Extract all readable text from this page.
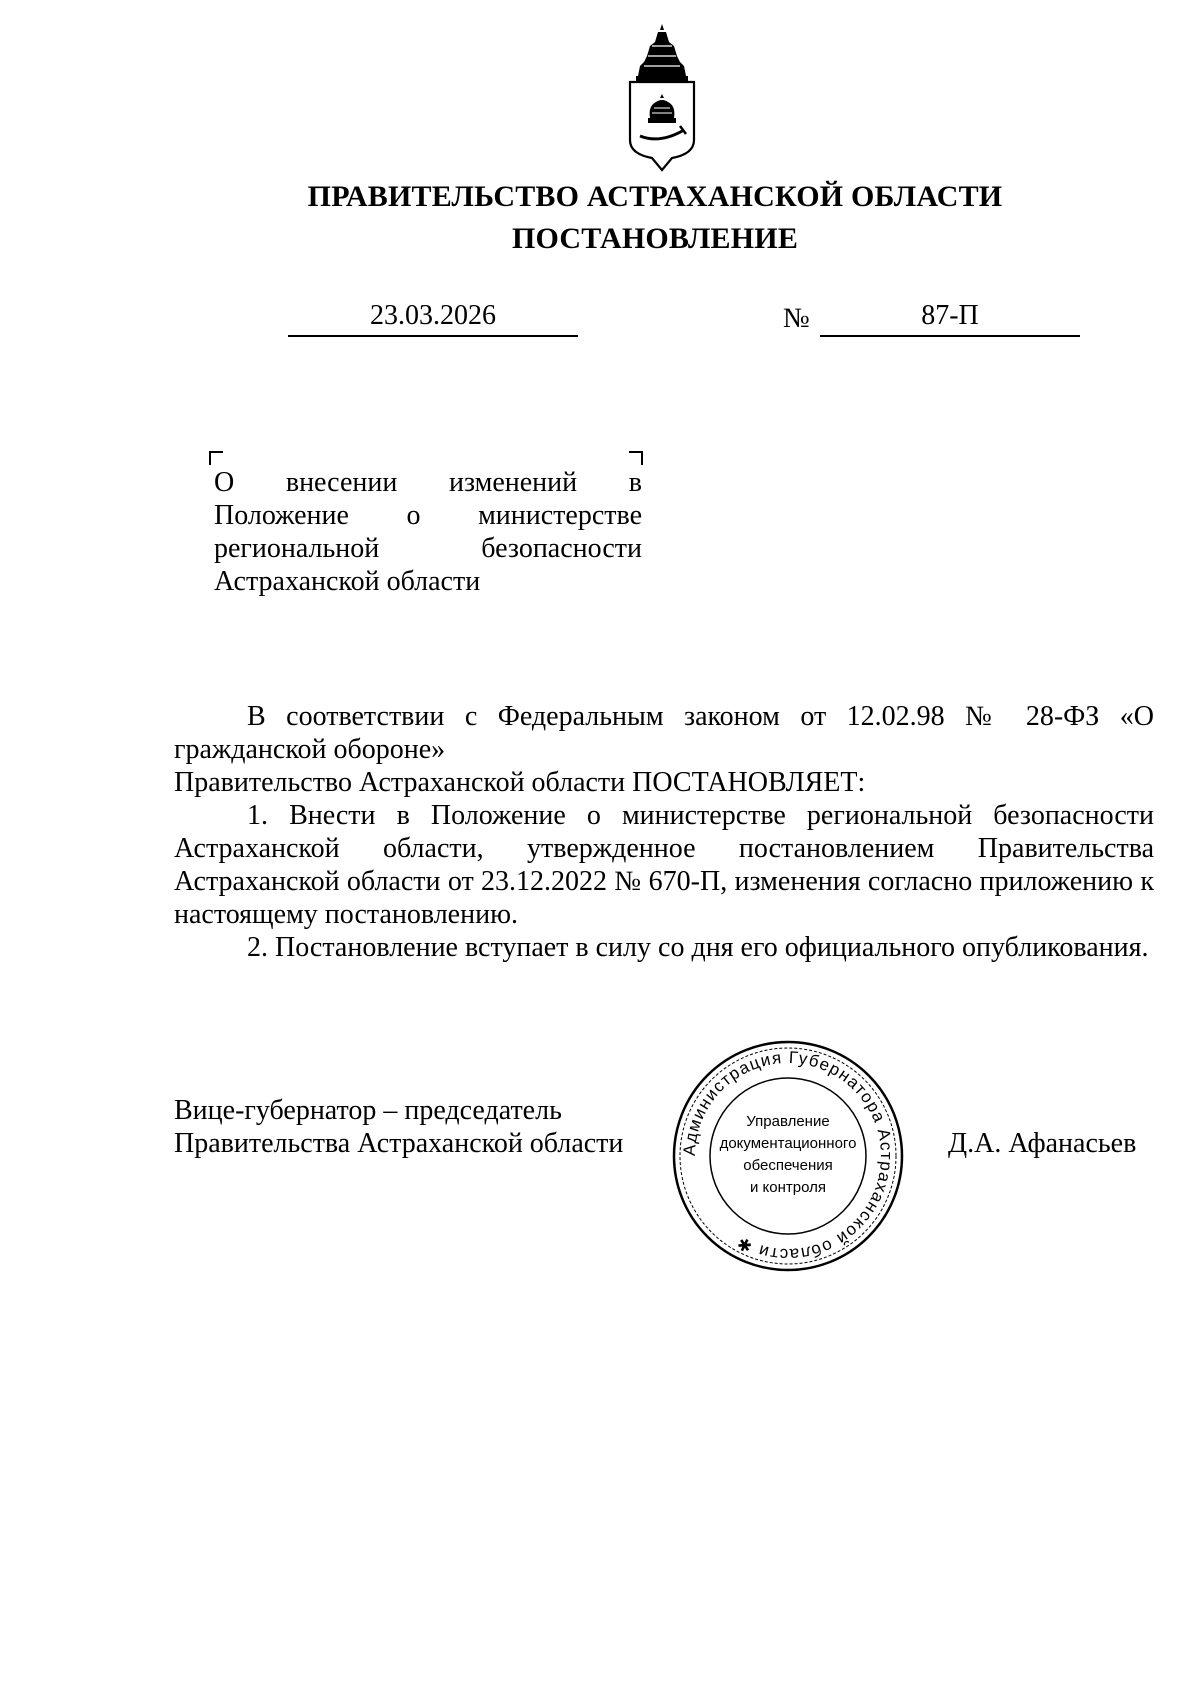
ПРАВИТЕЛЬСТВО АСТРАХАНСКОЙ ОБЛАСТИ
ПОСТАНОВЛЕНИЕ
23.03.2026	№	87-П
О внесении изменений в Положение о министерстве региональной безопасности Астраханской области

В соответствии с Федеральным законом от 12.02.98 № 28-ФЗ «О гражданской обороне»

Правительство Астраханской области ПОСТАНОВЛЯЕТ:

1. Внести в Положение о министерстве региональной безопасности Астраханской области, утвержденное постановлением Правительства Астраханской области от 23.12.2022 № 670-П, изменения согласно приложению к настоящему постановлению.

2. Постановление вступает в силу со дня его официального опубликования.

Вице-губернатор – председатель
Правительства Астраханской области	Администрация Губернатора Астраханской области ✱
Управление
документационного
обеспечения
и контроля
Д.А. Афанасьев
